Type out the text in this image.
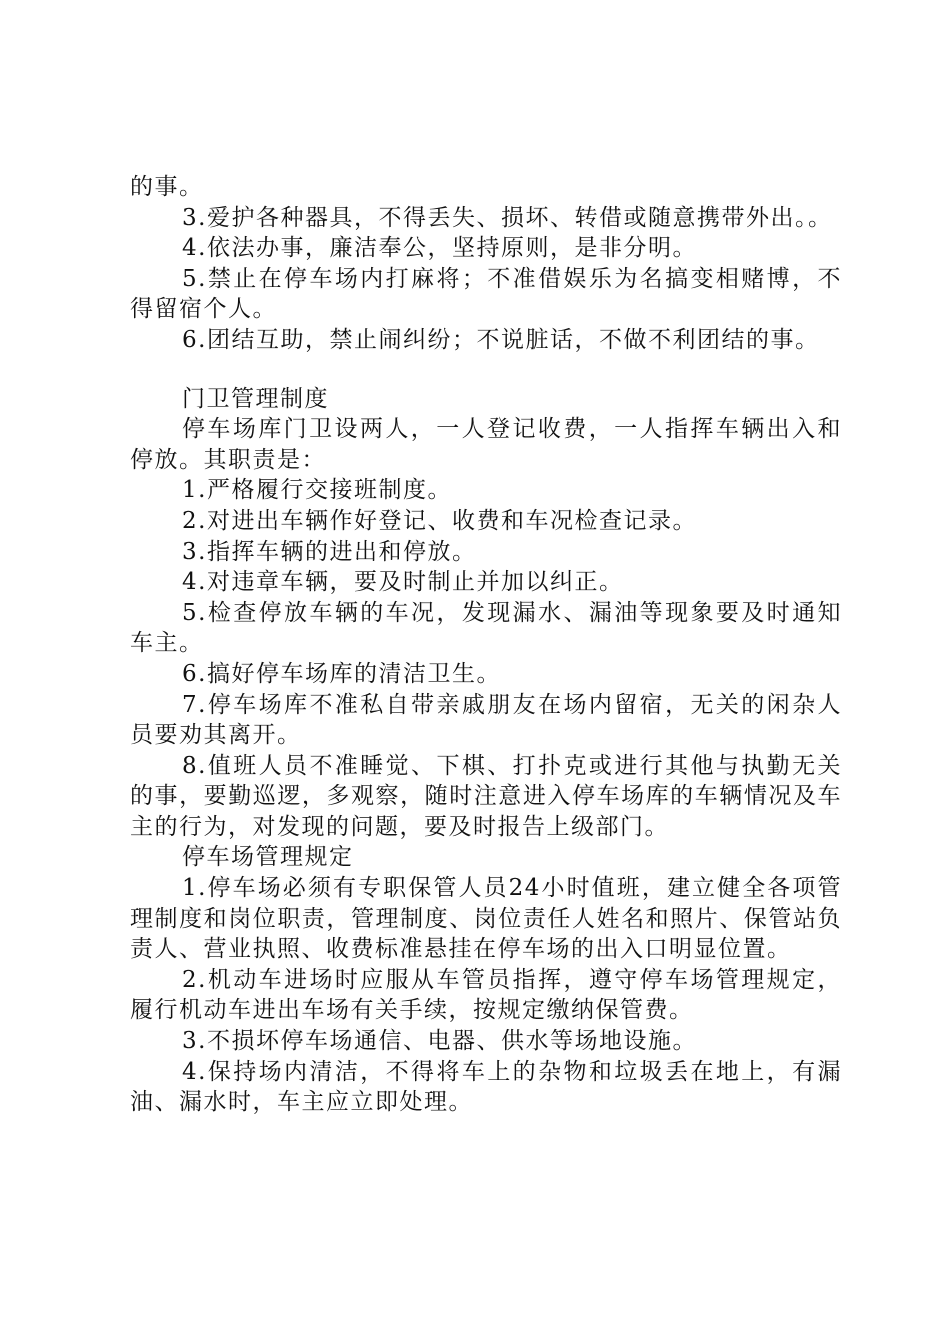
的事。

3.爱护各种器具，不得丢失、损坏、转借或随意携带外出。。

4.依法办事，廉洁奉公，坚持原则，是非分明。

5.禁止在停车场内打麻将；不准借娱乐为名搞变相赌博，不得留宿个人。

6.团结互助，禁止闹纠纷；不说脏话，不做不利团结的事。

门卫管理制度

停车场库门卫设两人，一人登记收费，一人指挥车辆出入和停放。其职责是：

1.严格履行交接班制度。

2.对进出车辆作好登记、收费和车况检查记录。

3.指挥车辆的进出和停放。

4.对违章车辆，要及时制止并加以纠正。

5.检查停放车辆的车况，发现漏水、漏油等现象要及时通知车主。

6.搞好停车场库的清洁卫生。

7.停车场库不准私自带亲戚朋友在场内留宿，无关的闲杂人员要劝其离开。

8.值班人员不准睡觉、下棋、打扑克或进行其他与执勤无关的事，要勤巡逻，多观察，随时注意进入停车场库的车辆情况及车主的行为，对发现的问题，要及时报告上级部门。

停车场管理规定

1.停车场必须有专职保管人员24小时值班，建立健全各项管理制度和岗位职责，管理制度、岗位责任人姓名和照片、保管站负责人、营业执照、收费标准悬挂在停车场的出入口明显位置。

2.机动车进场时应服从车管员指挥，遵守停车场管理规定，履行机动车进出车场有关手续，按规定缴纳保管费。

3.不损坏停车场通信、电器、供水等场地设施。

4.保持场内清洁，不得将车上的杂物和垃圾丢在地上，有漏油、漏水时，车主应立即处理。
